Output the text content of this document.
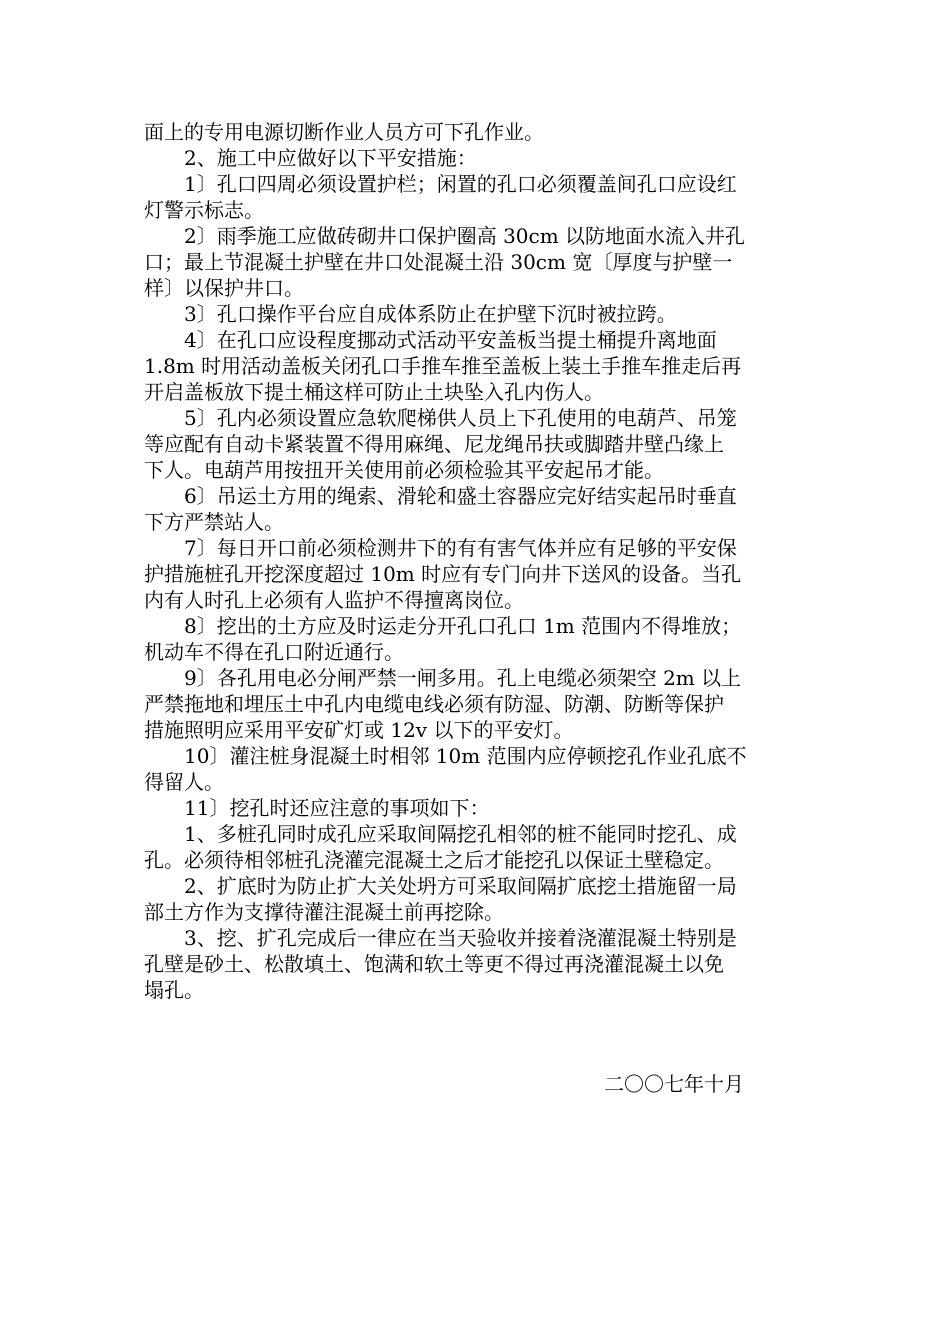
面上的专用电源切断作业人员方可下孔作业。
　　2、施工中应做好以下平安措施：
　　1〕孔口四周必须设置护栏；闲置的孔口必须覆盖间孔口应设红
灯警示标志。
　　2〕雨季施工应做砖砌井口保护圈高 30cm 以防地面水流入井孔
口；最上节混凝土护壁在井口处混凝土沿 30cm 宽〔厚度与护壁一
样〕以保护井口。
　　3〕孔口操作平台应自成体系防止在护壁下沉时被拉跨。
　　4〕在孔口应设程度挪动式活动平安盖板当提土桶提升离地面
1.8m 时用活动盖板关闭孔口手推车推至盖板上装土手推车推走后再
开启盖板放下提土桶这样可防止土块坠入孔内伤人。
　　5〕孔内必须设置应急软爬梯供人员上下孔使用的电葫芦、吊笼
等应配有自动卡紧装置不得用麻绳、尼龙绳吊扶或脚踏井壁凸缘上
下人。电葫芦用按扭开关使用前必须检验其平安起吊才能。
　　6〕吊运土方用的绳索、滑轮和盛土容器应完好结实起吊时垂直
下方严禁站人。
　　7〕每日开口前必须检测井下的有有害气体并应有足够的平安保
护措施桩孔开挖深度超过 10m 时应有专门向井下送风的设备。当孔
内有人时孔上必须有人监护不得擅离岗位。
　　8〕挖出的土方应及时运走分开孔口孔口 1m 范围内不得堆放；
机动车不得在孔口附近通行。
　　9〕各孔用电必分闸严禁一闸多用。孔上电缆必须架空 2m 以上
严禁拖地和埋压土中孔内电缆电线必须有防湿、防潮、防断等保护
措施照明应采用平安矿灯或 12v 以下的平安灯。
　　10〕灌注桩身混凝土时相邻 10m 范围内应停顿挖孔作业孔底不
得留人。
　　11〕挖孔时还应注意的事项如下：
　　1、多桩孔同时成孔应采取间隔挖孔相邻的桩不能同时挖孔、成
孔。必须待相邻桩孔浇灌完混凝土之后才能挖孔以保证土壁稳定。
　　2、扩底时为防止扩大关处坍方可采取间隔扩底挖土措施留一局
部土方作为支撑待灌注混凝土前再挖除。
　　3、挖、扩孔完成后一律应在当天验收并接着浇灌混凝土特别是
孔壁是砂土、松散填土、饱满和软土等更不得过再浇灌混凝土以免
塌孔。
二〇〇七年十月
